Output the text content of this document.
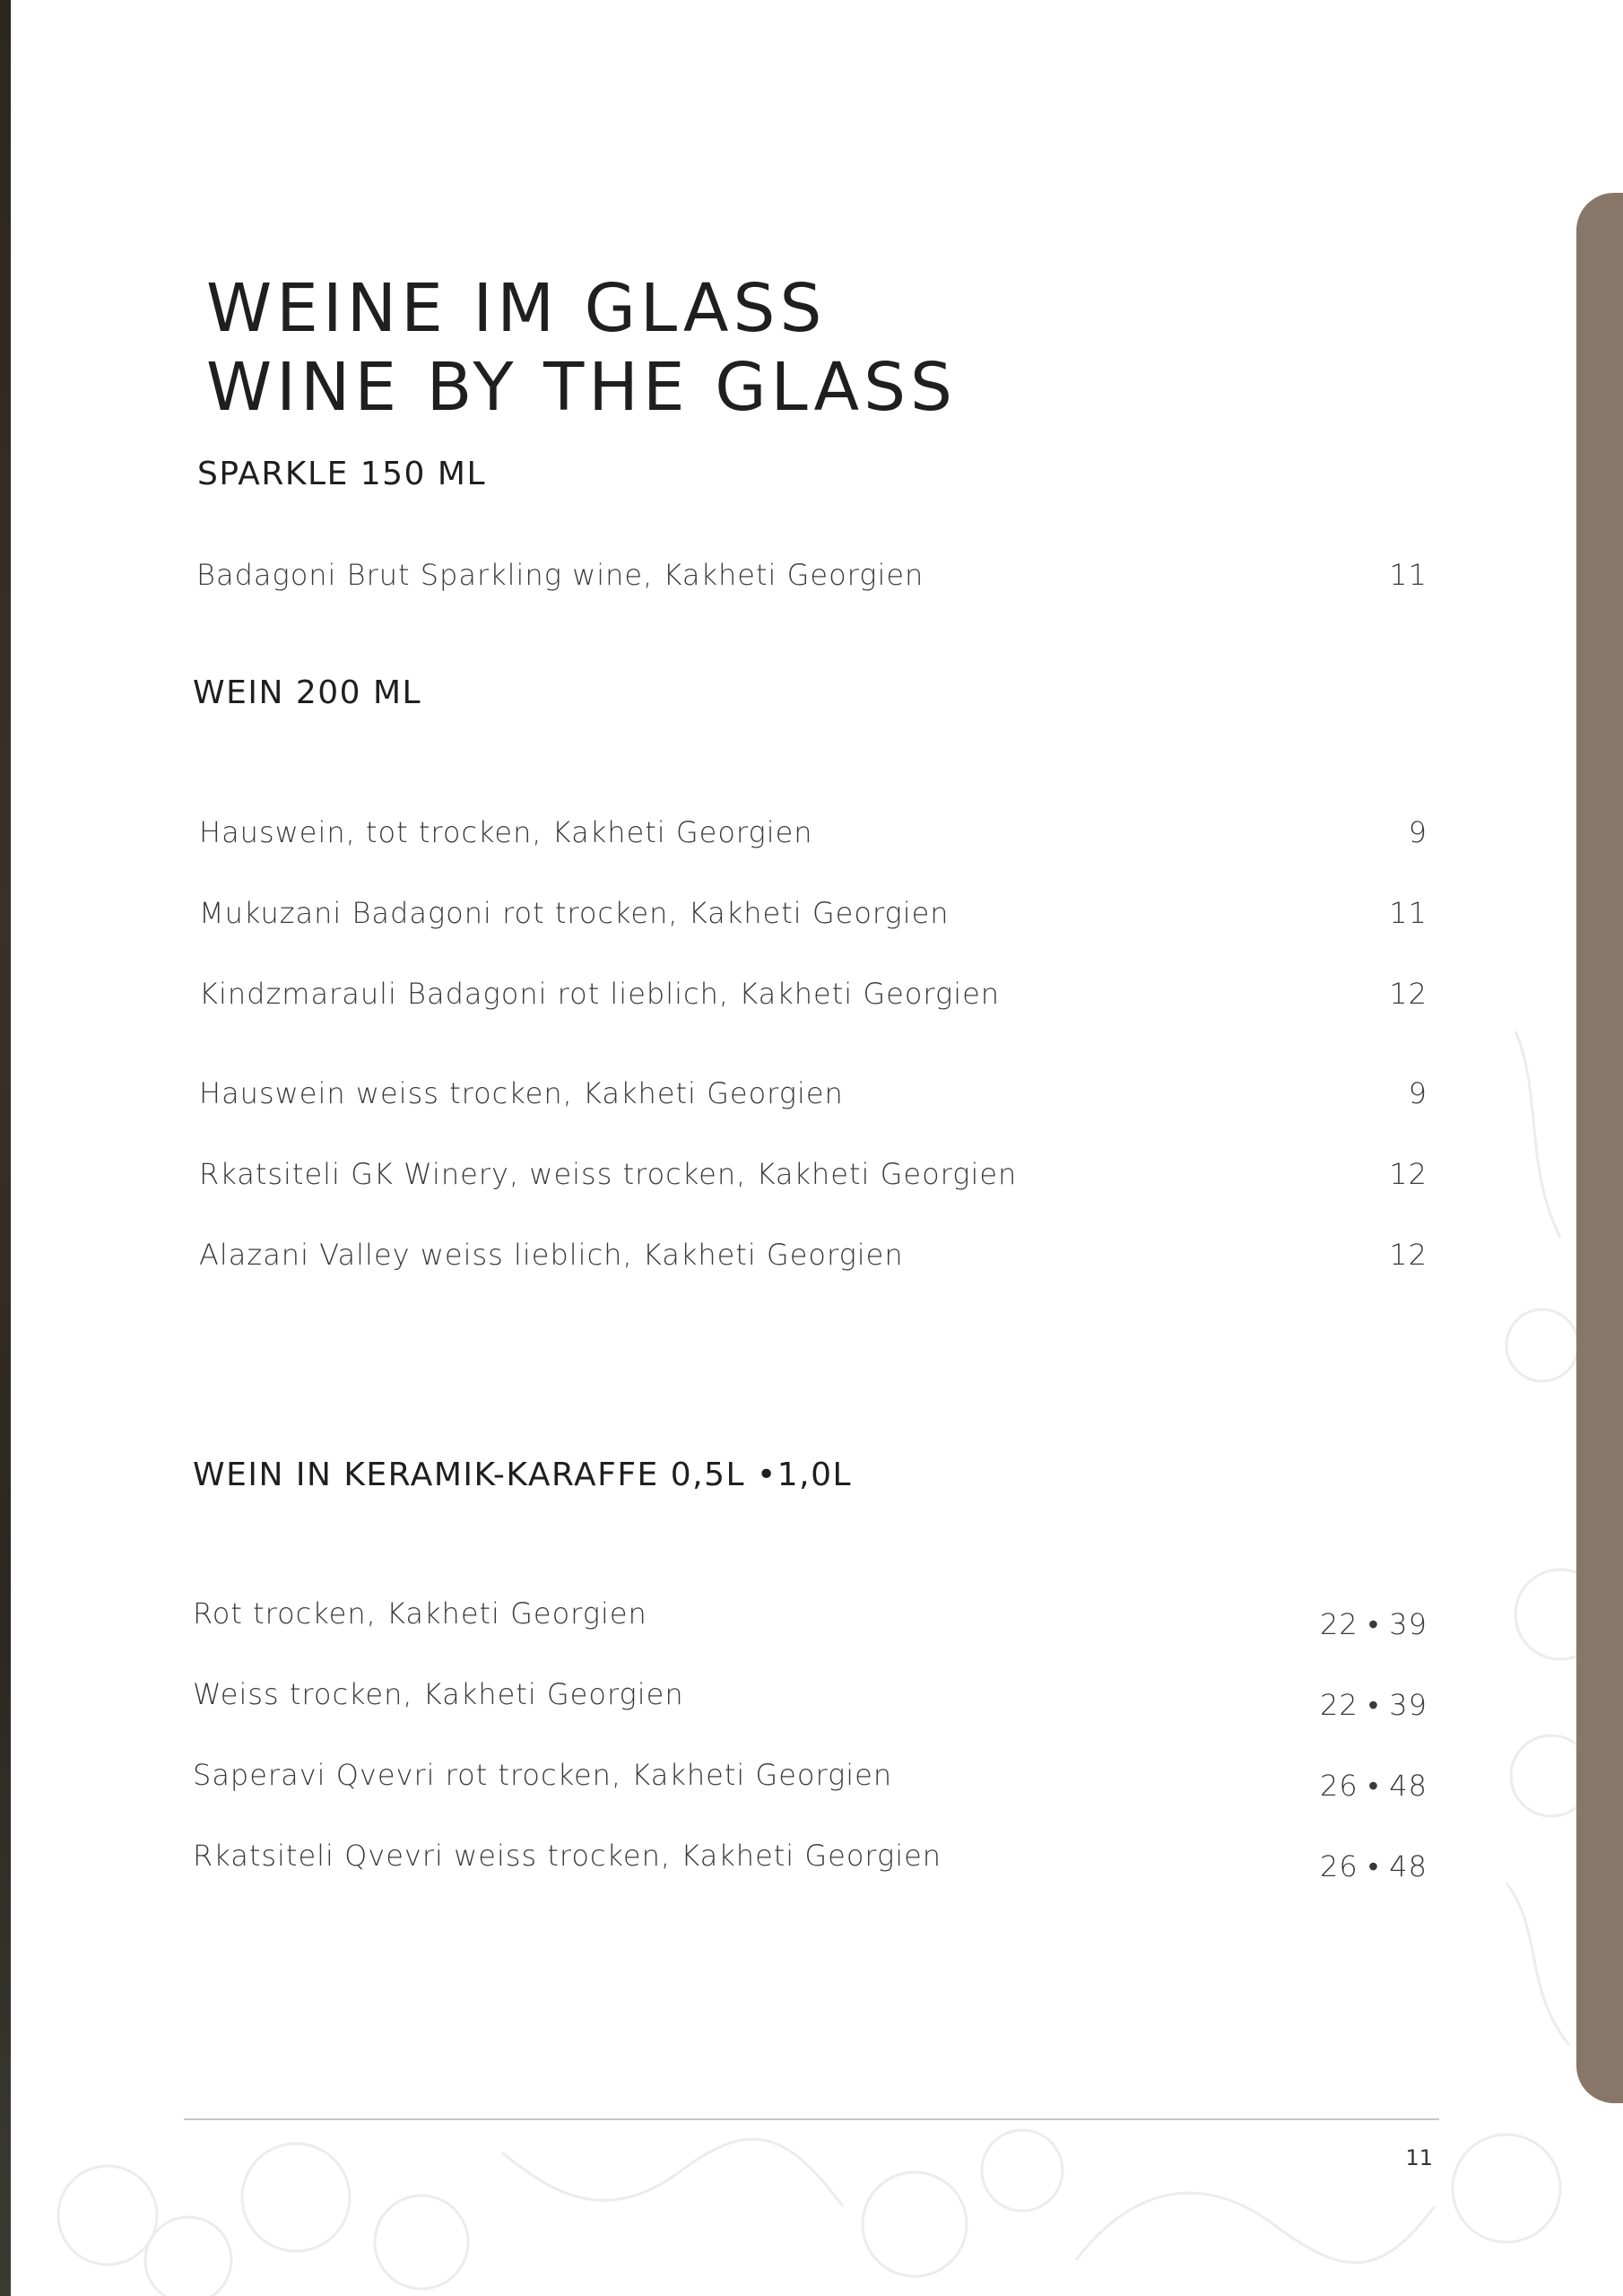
WEINE IM GLASS
WINE BY THE GLASS
SPARKLE 150 ML
Badagoni Brut Sparkling wine, Kakheti Georgien	11
WEIN 200 ML
Hauswein, tot trocken, Kakheti Georgien	9
Mukuzani Badagoni rot trocken, Kakheti Georgien	11
Kindzmarauli Badagoni rot lieblich, Kakheti Georgien	12
Hauswein weiss trocken, Kakheti Georgien	9
Rkatsiteli GK Winery, weiss trocken, Kakheti Georgien	12
Alazani Valley weiss lieblich, Kakheti Georgien	12
WEIN IN KERAMIK-KARAFFE 0,5L •1,0L
Rot trocken, Kakheti Georgien	22 • 39
Weiss trocken, Kakheti Georgien	22 • 39
Saperavi Qvevri rot trocken, Kakheti Georgien	26 • 48
Rkatsiteli Qvevri weiss trocken, Kakheti Georgien	26 • 48
11
